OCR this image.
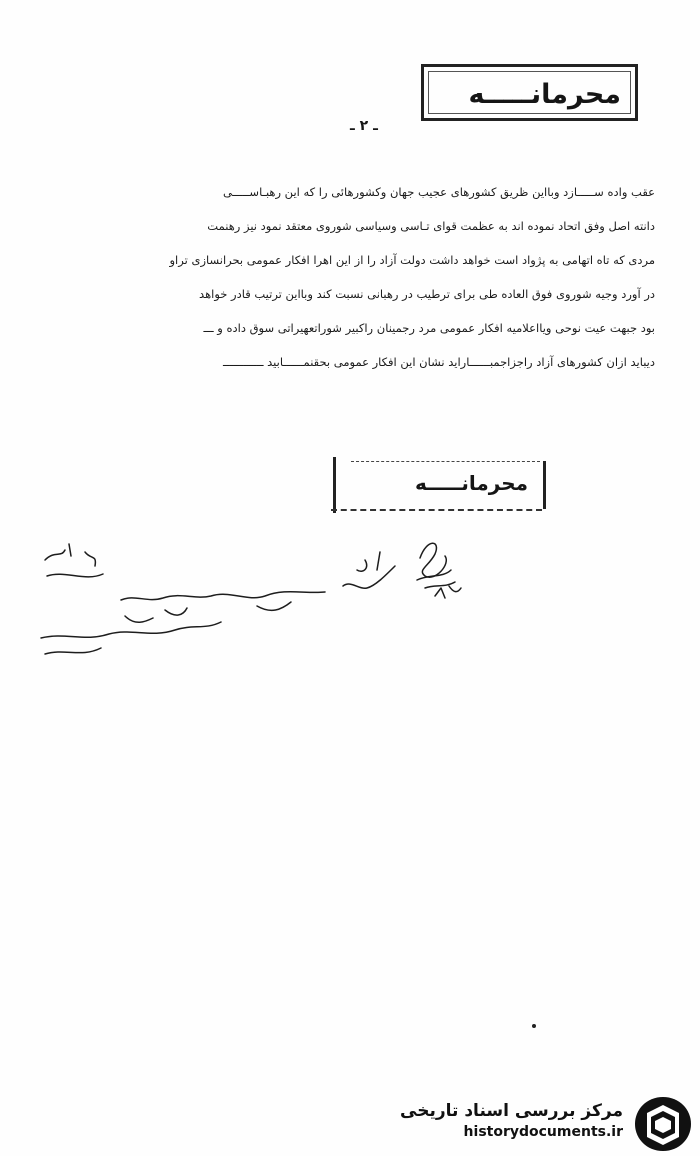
محرمانـــــه
ـ ٢ ـ
عقب واده ســـــازد وبااین ظریق کشورهای عجیب جهان وکشورهائی را که این رهبـاســـــی
دانته اصل وفق اتحاد نموده اند به عظمت قوای تـاسی وسیاسی شوروی معتقد نمود نیز رهنمت
مردی که تاه اتهامی به پژواد است خواهد داشت دولت آزاد را از این اهرا افکار عمومی بحرانسازی تراو
در آورد وجیه شوروی فوق العاده طی برای ترطیب در رهبانی نسبت کند وبااین ترتیب قادر خواهد
بود جبهت عیت نوحی ویااعلامیه افکار عمومی مرد رجمینان راکبیر شوراتعهیراتی سوق داده و ـــ
دیباید ازان کشورهای آزاد راجزاجمبــــــاراید نشان این افکار عمومی بحقنمــــــابید ــــــــــــ
محرمانـــــه
مرکز بررسی اسناد تاریخی
historydocuments.ir
